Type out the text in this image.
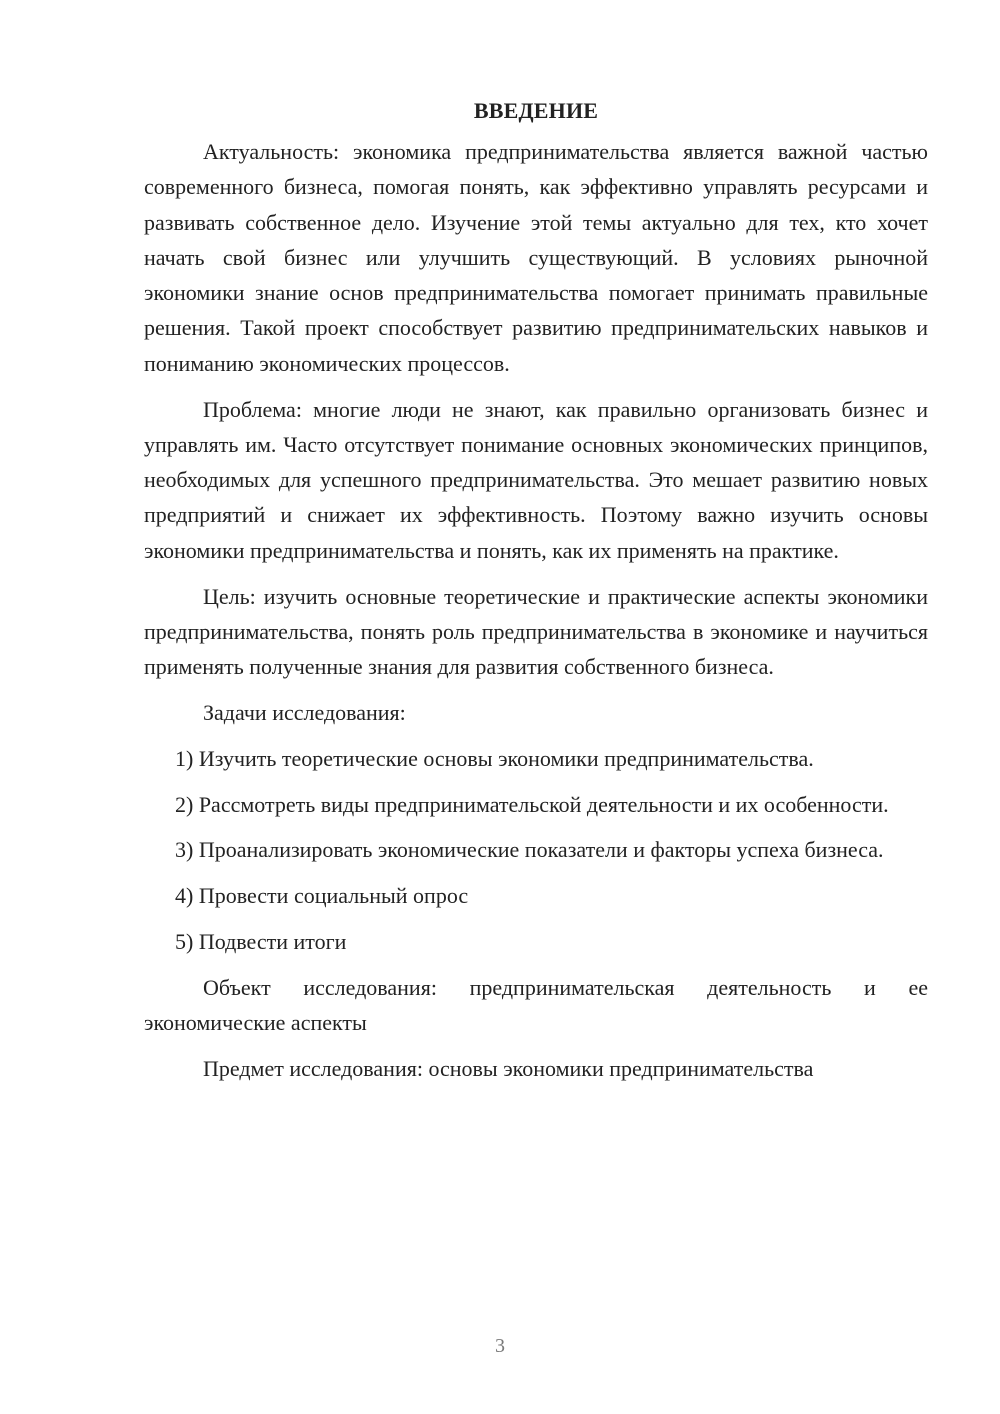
ВВЕДЕНИЕ

Актуальность: экономика предпринимательства является важной частью современного бизнеса, помогая понять, как эффективно управлять ресурсами и развивать собственное дело. Изучение этой темы актуально для тех, кто хочет начать свой бизнес или улучшить существующий. В условиях рыночной экономики знание основ предпринимательства помогает принимать правильные решения. Такой проект способствует развитию предпринимательских навыков и пониманию экономических процессов.

Проблема: многие люди не знают, как правильно организовать бизнес и управлять им. Часто отсутствует понимание основных экономических принципов, необходимых для успешного предпринимательства. Это мешает развитию новых предприятий и снижает их эффективность. Поэтому важно изучить основы экономики предпринимательства и понять, как их применять на практике.

Цель: изучить основные теоретические и практические аспекты экономики предпринимательства, понять роль предпринимательства в экономике и научиться применять полученные знания для развития собственного бизнеса.

Задачи исследования:

1) Изучить теоретические основы экономики предпринимательства.

2) Рассмотреть виды предпринимательской деятельности и их особенности.

3) Проанализировать экономические показатели и факторы успеха бизнеса.

4) Провести социальный опрос

5) Подвести итоги

Объект исследования: предпринимательская деятельность и ее экономические аспекты

Предмет исследования: основы экономики предпринимательства

3
